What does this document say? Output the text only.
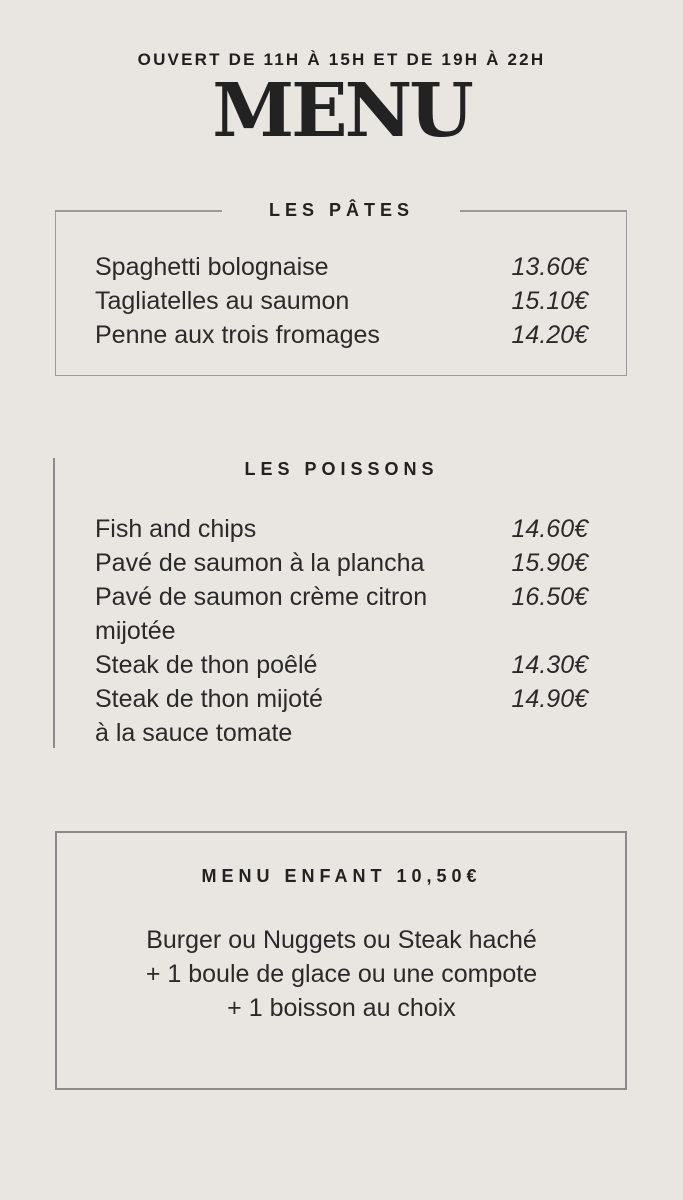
OUVERT DE 11H À 15H ET DE 19H À 22H
MENU
LES PÂTES
Spaghetti bolognaise	13.60€
Tagliatelles au saumon	15.10€
Penne aux trois fromages	14.20€
LES POISSONS
Fish and chips	14.60€
Pavé de saumon à la plancha	15.90€
Pavé de saumon crème citron	16.50€
mijotée
Steak de thon poêlé	14.30€
Steak de thon mijoté	14.90€
à la sauce tomate
MENU ENFANT 10,50€
Burger ou Nuggets ou Steak haché
+ 1 boule de glace ou une compote
+ 1 boisson au choix
